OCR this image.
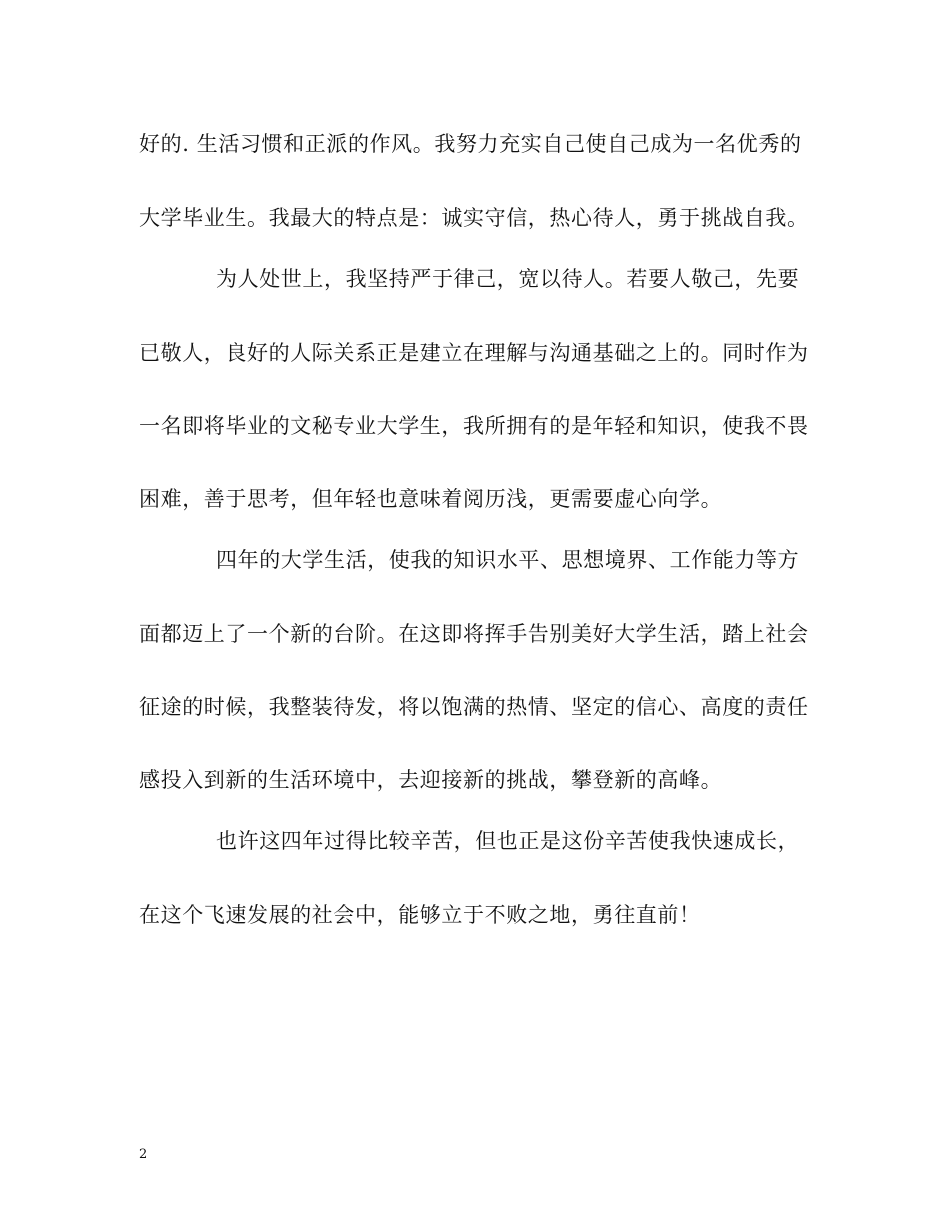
好的. 生活习惯和正派的作风。我努力充实自己使自己成为一名优秀的
大学毕业生。我最大的特点是：诚实守信，热心待人，勇于挑战自我。
为人处世上，我坚持严于律己，宽以待人。若要人敬己，先要
已敬人，良好的人际关系正是建立在理解与沟通基础之上的。同时作为
一名即将毕业的文秘专业大学生，我所拥有的是年轻和知识，使我不畏
困难，善于思考，但年轻也意味着阅历浅，更需要虚心向学。
四年的大学生活，使我的知识水平、思想境界、工作能力等方
面都迈上了一个新的台阶。在这即将挥手告别美好大学生活，踏上社会
征途的时候，我整装待发，将以饱满的热情、坚定的信心、高度的责任
感投入到新的生活环境中，去迎接新的挑战，攀登新的高峰。
也许这四年过得比较辛苦，但也正是这份辛苦使我快速成长，
在这个飞速发展的社会中，能够立于不败之地，勇往直前！
2
